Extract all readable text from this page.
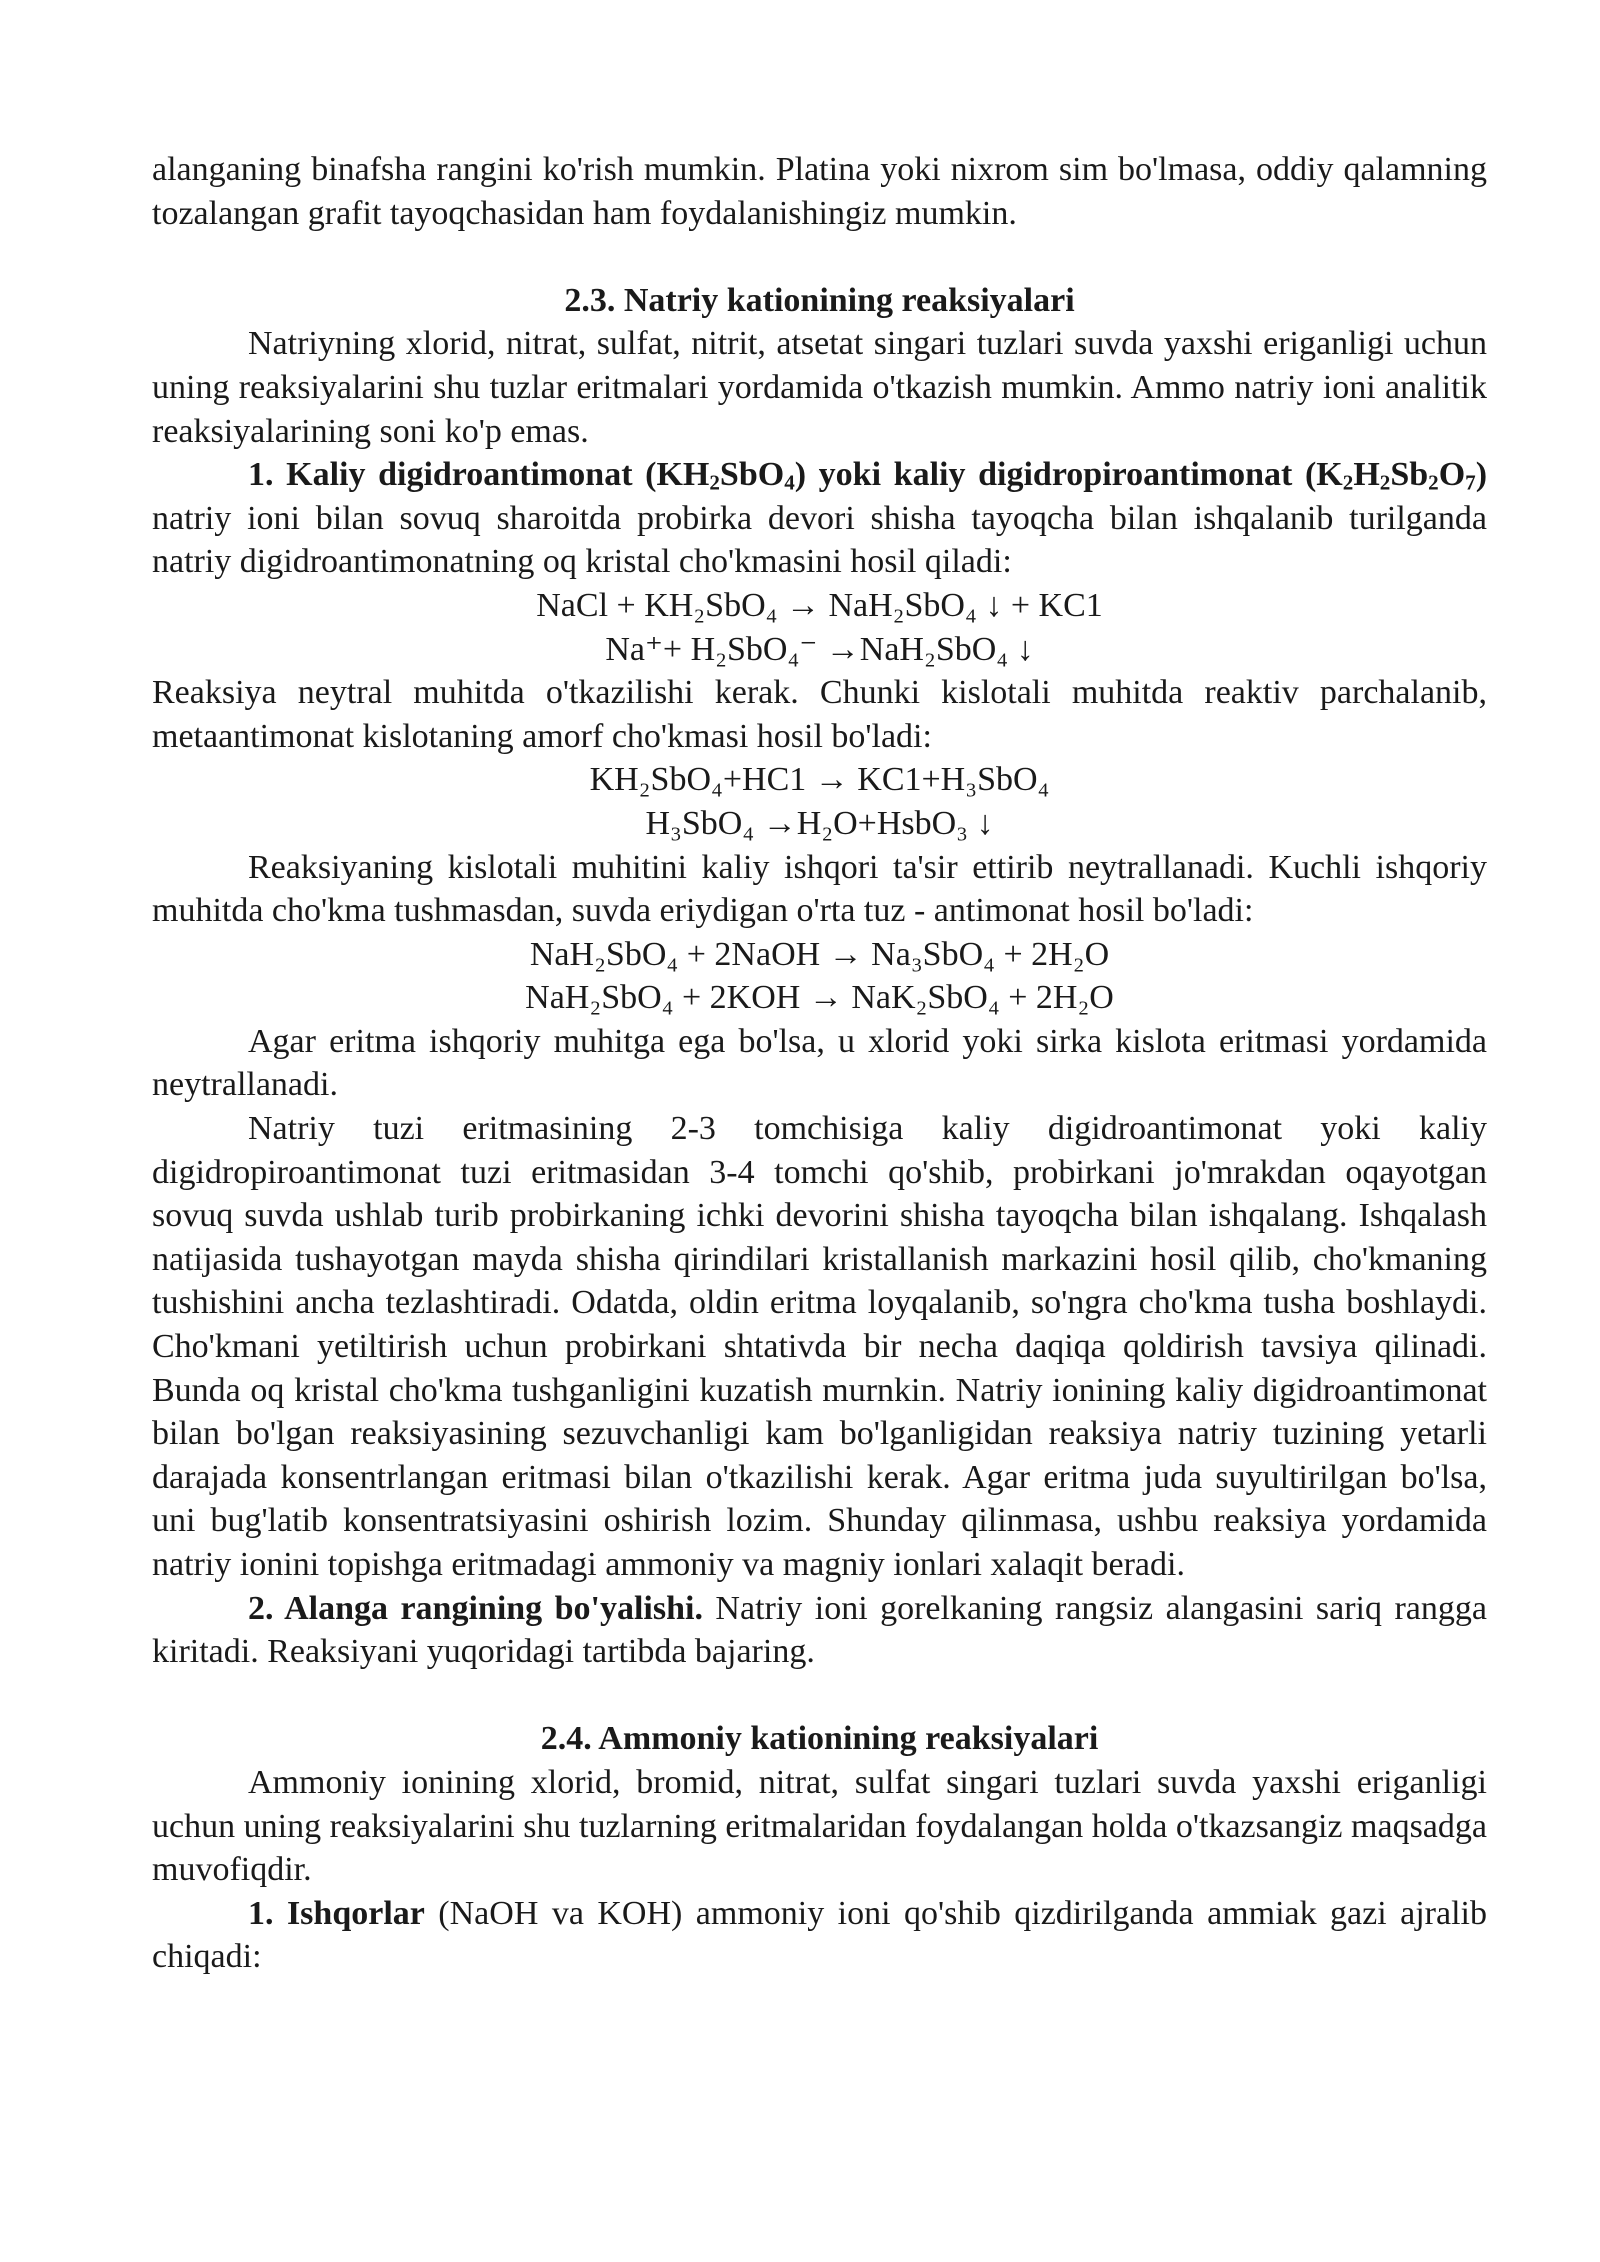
alanganing binafsha rangini ko'rish mumkin. Platina yoki nixrom sim bo'lmasa, oddiy qalamning tozalangan grafit tayoqchasidan ham foydalanishingiz mumkin.

2.3. Natriy kationining reaksiyalari

Natriyning xlorid, nitrat, sulfat, nitrit, atsetat singari tuzlari suvda yaxshi eriganligi uchun uning reaksiyalarini shu tuzlar eritmalari yordamida o'tkazish mumkin. Ammo natriy ioni analitik reaksiyalarining soni ko'p emas.

1. Kaliy digidroantimonat $(KH_2SbO_4)$ yoki kaliy digidropiroantimonat $(K_2H_2Sb_2O_7)$ natriy ioni bilan sovuq sharoitda probirka devori shisha tayoqcha bilan ishqalanib turilganda natriy digidroantimonatning oq kristal cho'kmasini hosil qiladi:

NaCl + KH₂SbO₄ → NaH₂SbO₄ ↓ + KC1

Na⁺+ H₂SbO₄⁻ →NaH₂SbO₄ ↓

Reaksiya neytral muhitda o'tkazilishi kerak. Chunki kislotali muhitda reaktiv parchalanib, metaantimonat kislotaning amorf cho'kmasi hosil bo'ladi:

KH₂SbO₄+HC1 → KC1+H₃SbO₄

H₃SbO₄ →H₂O+HsbO₃ ↓

Reaksiyaning kislotali muhitini kaliy ishqori ta'sir ettirib neytrallanadi. Kuchli ishqoriy muhitda cho'kma tushmasdan, suvda eriydigan o'rta tuz - antimonat hosil bo'ladi:

NaH₂SbO₄ + 2NaOH → Na₃SbO₄ + 2H₂O

NaH₂SbO₄ + 2KOH → NaK₂SbO₄ + 2H₂O

Agar eritma ishqoriy muhitga ega bo'lsa, u xlorid yoki sirka kislota eritmasi yordamida neytrallanadi.

Natriy tuzi eritmasining 2-3 tomchisiga kaliy digidroantimonat yoki kaliy digidropiroantimonat tuzi eritmasidan 3-4 tomchi qo'shib, probirkani jo'mrakdan oqayotgan sovuq suvda ushlab turib probirkaning ichki devorini shisha tayoqcha bilan ishqalang. Ishqalash natijasida tushayotgan mayda shisha qirindilari kristallanish markazini hosil qilib, cho'kmaning tushishini ancha tezlashtiradi. Odatda, oldin eritma loyqalanib, so'ngra cho'kma tusha boshlaydi. Cho'kmani yetiltirish uchun probirkani shtativda bir necha daqiqa qoldirish tavsiya qilinadi. Bunda oq kristal cho'kma tushganligini kuzatish murnkin. Natriy ionining kaliy digidroantimonat bilan bo'lgan reaksiyasining sezuvchanligi kam bo'lganligidan reaksiya natriy tuzining yetarli darajada konsentrlangan eritmasi bilan o'tkazilishi kerak. Agar eritma juda suyultirilgan bo'lsa, uni bug'latib konsentratsiyasini oshirish lozim. Shunday qilinmasa, ushbu reaksiya yordamida natriy ionini topishga eritmadagi ammoniy va magniy ionlari xalaqit beradi.

2. Alanga rangining bo'yalishi. Natriy ioni gorelkaning rangsiz alangasini sariq rangga kiritadi. Reaksiyani yuqoridagi tartibda bajaring.

2.4. Ammoniy kationining reaksiyalari

Ammoniy ionining xlorid, bromid, nitrat, sulfat singari tuzlari suvda yaxshi eriganligi uchun uning reaksiyalarini shu tuzlarning eritmalaridan foydalangan holda o'tkazsangiz maqsadga muvofiqdir.

1. Ishqorlar (NaOH va KOH) ammoniy ioni qo'shib qizdirilganda ammiak gazi ajralib chiqadi:
